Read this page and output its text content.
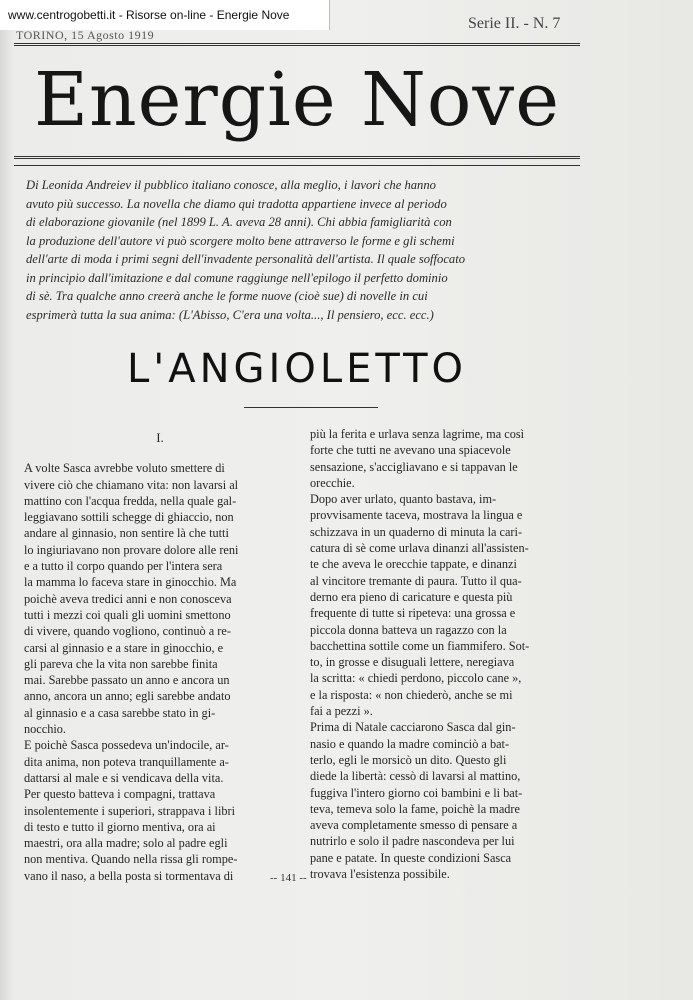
www.centrogobetti.it - Risorse on-line - Energie Nove
TORINO, 15 Agosto 1919
Serie II. - N. 7
Energie Nove
Di Leonida Andreiev il pubblico italiano conosce, alla meglio, i lavori che hanno
avuto più successo. La novella che diamo qui tradotta appartiene invece al periodo
di elaborazione giovanile (nel 1899 L. A. aveva 28 anni). Chi abbia famigliarità con
la produzione dell'autore vi può scorgere molto bene attraverso le forme e gli schemi
dell'arte di moda i primi segni dell'invadente personalità dell'artista. Il quale soffocato
in principio dall'imitazione e dal comune raggiunge nell'epilogo il perfetto dominio
di sè. Tra qualche anno creerà anche le forme nuove (cioè sue) di novelle in cui
esprimerà tutta la sua anima: (L'Abisso, C'era una volta..., Il pensiero, ecc. ecc.)
L'ANGIOLETTO
I.
A volte Sasca avrebbe voluto smettere di
vivere ciò che chiamano vita: non lavarsi al
mattino con l'acqua fredda, nella quale gal-
leggiavano sottili schegge di ghiaccio, non
andare al ginnasio, non sentire là che tutti
lo ingiuriavano non provare dolore alle reni
e a tutto il corpo quando per l'intera sera
la mamma lo faceva stare in ginocchio. Ma
poichè aveva tredici anni e non conosceva
tutti i mezzi coi quali gli uomini smettono
di vivere, quando vogliono, continuò a re-
carsi al ginnasio e a stare in ginocchio, e
gli pareva che la vita non sarebbe finita
mai. Sarebbe passato un anno e ancora un
anno, ancora un anno; egli sarebbe andato
al ginnasio e a casa sarebbe stato in gi-
nocchio.
E poichè Sasca possedeva un'indocile, ar-
dita anima, non poteva tranquillamente a-
dattarsi al male e si vendicava della vita.
Per questo batteva i compagni, trattava
insolentemente i superiori, strappava i libri
di testo e tutto il giorno mentiva, ora ai
maestri, ora alla madre; solo al padre egli
non mentiva. Quando nella rissa gli rompe-
vano il naso, a bella posta si tormentava di
più la ferita e urlava senza lagrime, ma così
forte che tutti ne avevano una spiacevole
sensazione, s'accigliavano e si tappavan le
orecchie.
Dopo aver urlato, quanto bastava, im-
provvisamente taceva, mostrava la lingua e
schizzava in un quaderno di minuta la cari-
catura di sè come urlava dinanzi all'assisten-
te che aveva le orecchie tappate, e dinanzi
al vincitore tremante di paura. Tutto il qua-
derno era pieno di caricature e questa più
frequente di tutte si ripeteva: una grossa e
piccola donna batteva un ragazzo con la
bacchettina sottile come un fiammifero. Sot-
to, in grosse e disuguali lettere, neregiava
la scritta: « chiedi perdono, piccolo cane »,
e la risposta: « non chiederò, anche se mi
fai a pezzi ».
Prima di Natale cacciarono Sasca dal gin-
nasio e quando la madre cominciò a bat-
terlo, egli le morsicò un dito. Questo gli
diede la libertà: cessò di lavarsi al mattino,
fuggiva l'intero giorno coi bambini e li bat-
teva, temeva solo la fame, poichè la madre
aveva completamente smesso di pensare a
nutrirlo e solo il padre nascondeva per lui
pane e patate. In queste condizioni Sasca
trovava l'esistenza possibile.
-- 141 --
